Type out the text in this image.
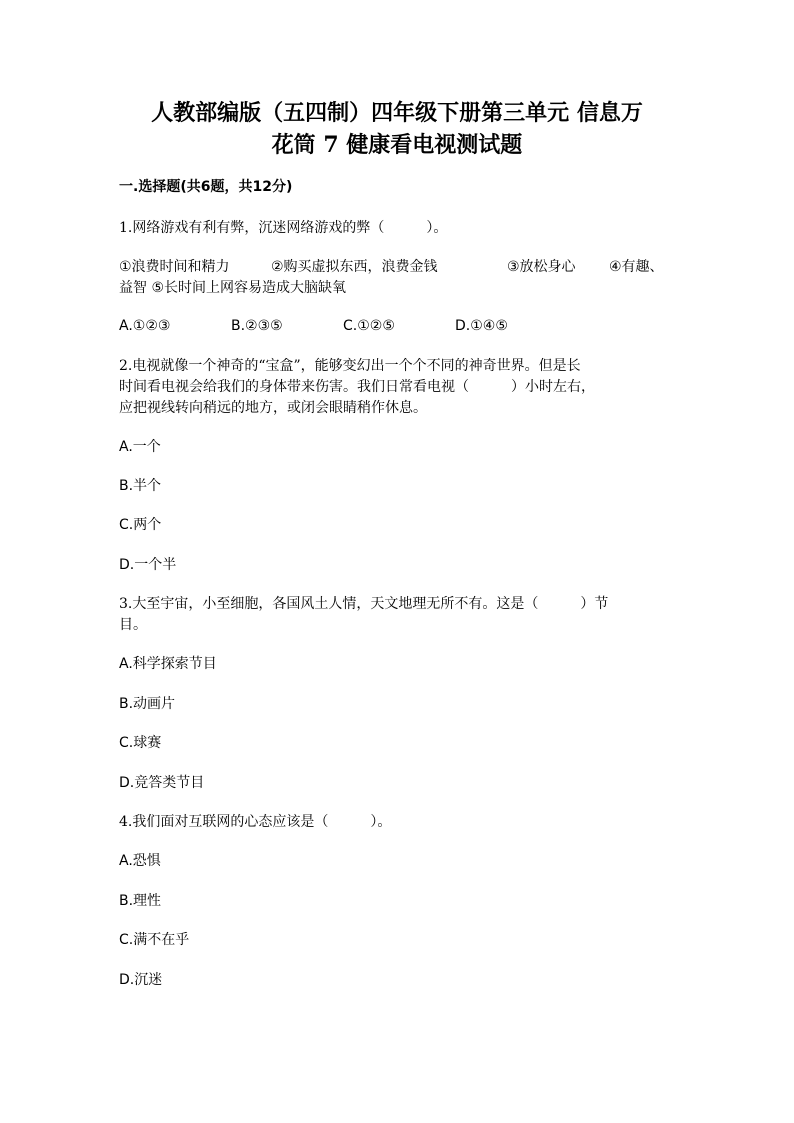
人教部编版（五四制）四年级下册第三单元 信息万
花筒 7 健康看电视测试题
一.选择题(共6题，共12分)
1.网络游戏有利有弊，沉迷网络游戏的弊（　　　）。
①浪费时间和精力	②购买虚拟东西，浪费金钱	③放松身心 ④有趣、
益智 ⑤长时间上网容易造成大脑缺氧
A.①②③	B.②③⑤	C.①②⑤	D.①④⑤
2.电视就像一个神奇的“宝盒”，能够变幻出一个个不同的神奇世界。但是长
时间看电视会给我们的身体带来伤害。我们日常看电视（　　　）小时左右，
应把视线转向稍远的地方，或闭会眼睛稍作休息。
A.一个
B.半个
C.两个
D.一个半
3.大至宇宙，小至细胞，各国风土人情，天文地理无所不有。这是（　　　）节
目。
A.科学探索节目
B.动画片
C.球赛
D.竞答类节目
4.我们面对互联网的心态应该是（　　　）。
A.恐惧
B.理性
C.满不在乎
D.沉迷
